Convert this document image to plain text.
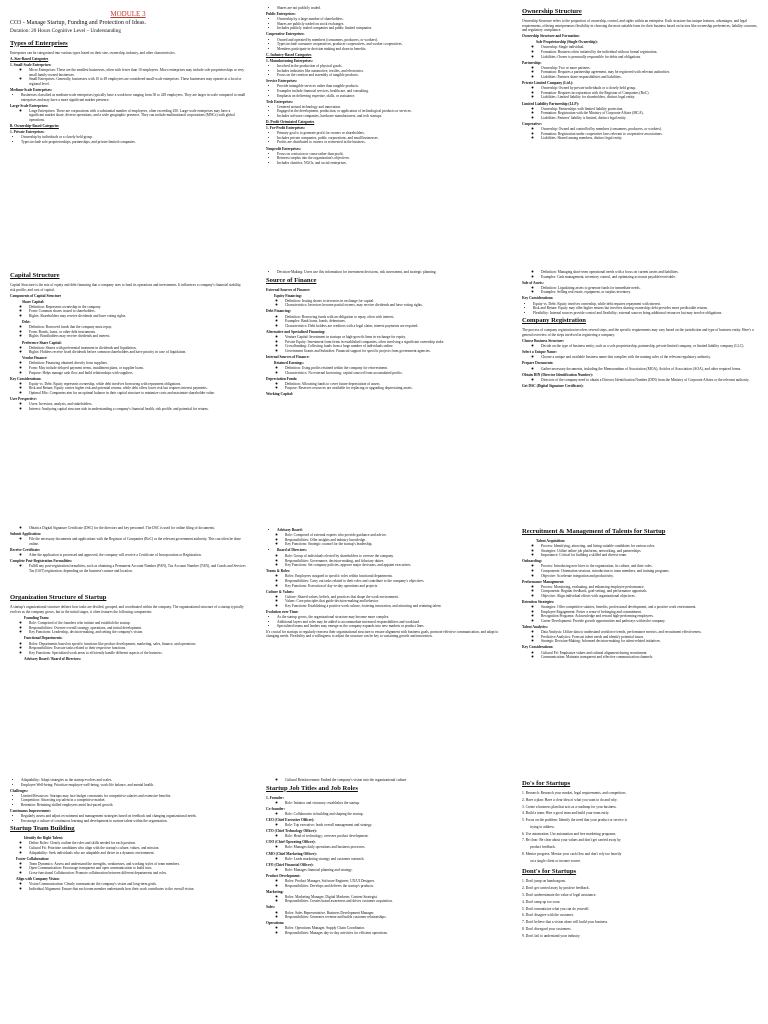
MODULE 3
CO3 - Manage Startup, Funding and Protection of Ideas.
Duration: 20 Hours Cognitive Level – Understanding
Types of Enterprises

Enterprises can be categorized into various types based on their size, ownership, industry, and other characteristics.

A. Size-Based Categories
1. Small-Scale Enterprises:
◦ Micro Enterprises: These are the smallest businesses, often with fewer than 10 employees. Micro enterprises may include sole proprietorships or very small family-owned businesses.
◦ Small Enterprises: Generally, businesses with 10 to 49 employees are considered small-scale enterprises. These businesses may operate at a local or regional level.
Medium-Scale Enterprises:
• Businesses classified as medium-scale enterprises typically have a workforce ranging from 50 to 249 employees. They are larger in scale compared to small enterprises and may have a more significant market presence.
Large-Scale Enterprises:
◦ Large Enterprises: These are corporations with a substantial number of employees, often exceeding 250. Large-scale enterprises may have a significant market share, diverse operations, and a wide geographic presence. They can include multinational corporations (MNCs) with global operations.
B. Ownership-Based Categories
1. Private Enterprises:
• Ownership by individuals or a closely held group.
• Types include sole proprietorships, partnerships, and private limited companies.
• Shares are not publicly traded.
Public Enterprises:
• Ownership by a large number of shareholders.
• Shares are publicly traded on stock exchanges.
• Includes publicly traded companies and public limited companies.
Cooperative Enterprises:
• Owned and operated by members (consumers, producers, or workers).
• Types include consumer cooperatives, producer cooperatives, and worker cooperatives.
• Members participate in decision making and share in benefits.
C. Industry-Based Categories
1. Manufacturing Enterprises:
• Involved in the production of physical goods.
• Includes industries like automotive, textiles, and electronics.
• Focus on the creation and assembly of tangible products.
Service Enterprises:
• Provide intangible services rather than tangible products.
• Examples include financial services, healthcare, and consulting.
• Emphasis on delivering expertise, skills, or assistance.
Tech Enterprises:
• Centered around technology and innovation.
• Engaged in the development, production, or application of technological products or services.
• Includes software companies, hardware manufacturers, and tech startups.
D. Profit Orientated Categories
1. For-Profit Enterprises:
• Primary goal is to generate profit for owners or shareholders.
• Includes private companies, public corporations, and small businesses.
• Profits are distributed to owners or reinvested in the business.
Nonprofit Enterprises:
• Focus on a mission or cause rather than profit.
• Reinvest surplus into the organization's objectives.
• Includes charities, NGOs, and social enterprises.
Ownership Structure

Ownership Structure refers to the proportion of ownership, control, and rights within an enterprise. Each structure has unique features, advantages, and legal requirements, offering entrepreneurs flexibility in choosing the most suitable form for their business based on factors like ownership preferences, liability concerns, and regulatory compliance.

Ownership Structure and Formation:
Sole Proprietorship (Single Ownership):
◦ Ownership: Single individual.
◦ Formation: Business often initiated by the individual without formal registration.
◦ Liabilities: Owner is personally responsible for debts and obligations.
Partnership:
◦ Ownership: Two or more partners.
◦ Formation: Requires a partnership agreement, may be registered with relevant authorities.
◦ Liabilities: Partners share responsibilities and liabilities.
Private Limited Company (Ltd.):
◦ Ownership: Owned by private individuals or a closely held group.
◦ Formation: Requires incorporation with the Registrar of Companies (RoC).
◦ Liabilities: Limited liability for shareholders, distinct legal entity.
Limited Liability Partnership (LLP):
◦ Ownership: Partnerships with limited liability protection.
◦ Formation: Registration with the Ministry of Corporate Affairs (MCA).
◦ Liabilities: Partners' liability is limited, distinct legal entity.
Cooperative:
◦ Ownership: Owned and controlled by members (consumers, producers, or workers).
◦ Formation: Registration under cooperative laws relevant to cooperative associations.
◦ Liabilities: Shared among members, distinct legal entity.
Capital Structure

Capital Structure is the mix of equity and debt financing that a company uses to fund its operations and investments. It influences a company's financial stability, risk profile, and cost of capital.

Components of Capital Structure
Share Capital:
◦ Definition: Represents ownership in the company.
◦ Form: Common shares issued to shareholders.
◦ Rights: Shareholders may receive dividends and have voting rights.
Debt:
◦ Definition: Borrowed funds that the company must repay.
◦ Form: Bonds, loans, or other debt instruments.
◦ Rights: Bondholders may receive dividends and interest.
Preference Share Capital:
◦ Definition: Shares with preferential treatment in dividends and liquidation.
◦ Rights: Holders receive fixed dividends before common shareholders and have priority in case of liquidation.
Vendor Finance:
◦ Definition: Financing obtained directly from suppliers.
◦ Form: May include delayed payment terms, installment plans, or supplier loans.
◦ Purpose: Helps manage cash flow and build relationships with suppliers.
Key Considerations:
◦ Equity vs. Debt: Equity represents ownership, while debt involves borrowing with repayment obligations.
◦ Risk and Return: Equity carries higher risk and potential returns, while debt offers lower risk but requires interest payments.
◦ Optimal Mix: Companies aim for an optimal balance in their capital structure to minimize costs and maximize shareholder value.
User Perspective:
◦ Users: Investors, analysts, and stakeholders.
◦ Interest: Analyzing capital structure aids in understanding a company's financial health, risk profile, and potential for returns.
• Decision-Making: Users use this information for investment decisions, risk assessment, and strategic planning.
Source of Finance
External Sources of Finance:
Equity Financing:
◦ Definition: Issuing shares to investors in exchange for capital.
◦ Characteristics: Investors become partial owners, may receive dividends and have voting rights.
Debt Financing:
◦ Definition: Borrowing funds with an obligation to repay, often with interest.
◦ Examples: Bank loans, bonds, debentures.
◦ Characteristics: Debt holders are creditors with a legal claim; interest payments are required.
Alternative and Specialised Financing:
◦ Venture Capital: Investment in startups or high-growth firms in exchange for equity.
◦ Private Equity: Investment from firms in established companies, often involving a significant ownership stake.
◦ Crowdfunding: Collecting funds from a large number of individuals online.
◦ Government Grants and Subsidies: Financial support for specific projects from government agencies.
Internal Sources of Finance:
Retained Earnings:
◦ Definition: Using profits retained within the company for reinvestment.
◦ Characteristics: No external borrowing; capital sourced from accumulated profits.
Depreciation Funds:
◦ Definition: Allocating funds to cover future depreciation of assets.
◦ Purpose: Reserves resources are available for replacing or upgrading depreciating assets.
Working Capital:
◦ Definition: Managing short-term operational needs with a focus on current assets and liabilities.
◦ Examples: Cash management, inventory control, and optimizing accounts payable/receivable.
Sale of Assets:
◦ Definition: Liquidating assets to generate funds for immediate needs.
◦ Examples: Selling real estate, equipment, or surplus inventory.
Key Considerations:
• Equity vs. Debt: Equity involves ownership, while debt requires repayment with interest.
• Risk and Return: Equity may offer higher returns but involves sharing ownership; debt provides more predictable returns.
• Flexibility: Internal sources provide control and flexibility; external sources bring additional resources but may involve obligations.
Company Registration

The process of company registration involves several steps, and the specific requirements may vary based on the jurisdiction and type of business entity. Here's a general overview of the steps involved in registering a company:

Choose Business Structure:
◦ Decide on the type of business entity, such as a sole proprietorship, partnership, private limited company, or limited liability company (LLC).
Select a Unique Name:
◦ Choose a unique and available business name that complies with the naming rules of the relevant regulatory authority.
Prepare Documents:
◦ Gather necessary documents, including the Memorandum of Association (MOA), Articles of Association (AOA), and other required forms.
Obtain DIN (Director Identification Number):
◦ Directors of the company need to obtain a Director Identification Number (DIN) from the Ministry of Corporate Affairs or the relevant authority.
Get DSC (Digital Signature Certificate):
◦ Obtain a Digital Signature Certificate (DSC) for the directors and key personnel. The DSC is used for online filing of documents.
Submit Application:
◦ File the necessary documents and applications with the Registrar of Companies (RoC) or the relevant government authority. This can often be done online.
Receive Certificate:
◦ After the application is processed and approved, the company will receive a Certificate of Incorporation or Registration.
Complete Post-Registration Formalities:
◦ Fulfill any post-registration formalities, such as obtaining a Permanent Account Number (PAN), Tax Account Number (TAN), and Goods and Services Tax (GST) registration, depending on the business's nature and location.
Organization Structure of Startup

A startup's organizational structure defines how tasks are divided, grouped, and coordinated within the company. The organizational structure of a startup typically evolves as the company grows, but in the initial stages, it often features the following components:

Founding Team:
◦ Role: Comprised of the founders who initiate and establish the startup.
◦ Responsibilities: Oversee overall strategy, operations, and initial development.
◦ Key Functions: Leadership, decision-making, and setting the company's vision.
Functional Departments:
◦ Roles: Departments based on specific functions like product development, marketing, sales, finance, and operations.
◦ Responsibilities: Execute tasks related to their respective functions.
◦ Key Functions: Specialized work areas to efficiently handle different aspects of the business.
Advisory Board / Board of Directors:
• Advisory Board:
◦ Role: Composed of external experts who provide guidance and advice.
◦ Responsibilities: Offer insights and industry knowledge.
◦ Key Functions: Strategic counsel for the startup's leadership.
• Board of Directors:
◦ Role: Group of individuals elected by shareholders to oversee the company.
◦ Responsibilities: Governance, decision-making, and fiduciary duties.
◦ Key Functions: Set company policies, approve major decisions, and appoint executives.
Teams & Roles:
◦ Roles: Employees assigned to specific roles within functional departments.
◦ Responsibilities: Carry out tasks related to their roles and contribute to the company's objectives.
◦ Key Functions: Execution of day-to-day operations and projects.
Culture & Values:
◦ Culture: Shared values, beliefs, and practices that shape the work environment.
◦ Values: Core principles that guide decision-making and behavior.
◦ Key Functions: Establishing a positive work culture, fostering innovation, and attracting and retaining talent.
Evolution over Time:
• As the startup grows, the organizational structure may become more complex.
• Additional layers and roles may be added to accommodate increased responsibilities and workload.
• Specialized teams and leaders may emerge as the company expands into new markets or product lines.

It's crucial for startups to regularly reassess their organizational structure to ensure alignment with business goals, promote effective communication, and adapt to changing needs. Flexibility and a willingness to adjust the structure can be key to sustaining growth and innovation.

Recruitment & Management of Talents for Startup
Talent Acquisition:
◦ Process: Identifying, attracting, and hiring suitable candidates for various roles.
◦ Strategies: Utilize online job platforms, networking, and partnerships.
◦ Importance: Critical for building a skilled and diverse team.
Onboarding:
◦ Process: Introducing new hires to the organization, its culture, and their roles.
◦ Components: Orientation sessions, introduction to team members, and training programs.
◦ Objective: Accelerate integration and productivity.
Performance Management:
◦ Process: Monitoring, evaluating, and enhancing employee performance.
◦ Components: Regular feedback, goal-setting, and performance appraisals.
◦ Objective: Align individual efforts with organizational objectives.
Retention Strategies:
◦ Strategies: Offer competitive salaries, benefits, professional development, and a positive work environment.
◦ Employee Engagement: Foster a sense of belonging and commitment.
◦ Recognition Programs: Acknowledge and reward high-performing employees.
◦ Career Development: Provide growth opportunities and pathways within the company.
Talent Analytics:
◦ Data Analysis: Utilize data to understand workforce trends, performance metrics, and recruitment effectiveness.
◦ Predictive Analytics: Forecast talent needs and identify potential issues.
◦ Strategic Decision-Making: Informed decision-making for talent-related initiatives.
Key Considerations:
◦ Cultural Fit: Emphasize values and cultural alignment during recruitment.
◦ Communication: Maintain transparent and effective communication channels.
• Adaptability: Adapt strategies as the startup evolves and scales.
• Employee Well-being: Prioritize employee well-being, work-life balance, and mental health.
Challenges:
• Limited Resources: Startups may face budget constraints for competitive salaries and extensive benefits.
• Competition: Attracting top talent in a competitive market.
• Retention: Retaining skilled employees amid fast-paced growth.
Continuous Improvement:
• Regularly assess and adjust recruitment and management strategies based on feedback and changing organizational needs.
• Encourage a culture of continuous learning and development to nurture talent within the organization.
Startup Team Building
Identify the Right Talent:
◦ Define Roles: Clearly outline the roles and skills needed for each position.
◦ Cultural Fit: Prioritize candidates who align with the startup's culture, values, and mission.
◦ Adaptability: Seek individuals who are adaptable and thrive in a dynamic environment.
Foster Collaboration:
◦ Team Dynamics: Assess and understand the strengths, weaknesses, and working styles of team members.
◦ Open Communication: Encourage transparent and open communication to build trust.
◦ Cross-functional Collaboration: Promote collaboration between different departments and roles.
Align with Company Vision:
◦ Vision Communication: Clearly communicate the company's vision and long-term goals.
◦ Individual Alignment: Ensure that each team member understands how their work contributes to the overall vision.
◦ Cultural Reinforcement: Embed the company's vision into the organizational culture.
Startup Job Titles and Job Roles
1. Founder:
◦ Role: Initiator and visionary; establishes the startup.
Co-founder:
◦ Role: Collaborates in building and shaping the startup.
CEO (Chief Executive Officer):
◦ Role: Top executive; leads overall management and strategy.
CTO (Chief Technology Officer):
◦ Role: Head of technology; oversees product development.
COO (Chief Operating Officer):
◦ Role: Manages daily operations and business processes.
CMO (Chief Marketing Officer):
◦ Role: Leads marketing strategy and customer outreach.
CFO (Chief Financial Officer):
◦ Role: Manages financial planning and strategy.
Product Development:
◦ Roles: Product Manager, Software Engineer, UX/UI Designer.
◦ Responsibilities: Develops and delivers the startup's products.
Marketing:
◦ Roles: Marketing Manager, Digital Marketer, Content Strategist.
◦ Responsibilities: Creates brand awareness and drives customer acquisition.
Sales:
◦ Roles: Sales Representative, Business Development Manager.
◦ Responsibilities: Generates revenue and builds customer relationships.
Operations:
◦ Roles: Operations Manager, Supply Chain Coordinator.
◦ Responsibilities: Manages day-to-day activities for efficient operations.
Do's for Startups
1. Research: Research your market, legal requirements, and competitors.
2. Have a plan: Have a clear idea of what you want to do and why.
3. Create a business plan that acts as a roadmap for your business.
4. Build a team: Hire a good team and build your team early.
5. Focus on the problem: Identify the need that your product or service is
trying to address.
6. Use automation: Use automation and free marketing programs.
7. Be clear: Be clear about your values and don't get carried away by
product feedback.
8. Mentor progress: Mentor your cash flow and don't rely too heavily
on a single client or income source.
Dont's for Startups
1. Don't jump on bandwagons.
2. Don't get carried away by positive feedback.
3. Don't underestimate the value of legal assistance.
4. Don't ramp up too soon.
5. Don't romanticize what you can do yourself.
6. Don't disagree with the customer.
7. Don't believe that a vision alone will build your business.
8. Don't disregard your customers.
9. Don't fail to understand your industry.
